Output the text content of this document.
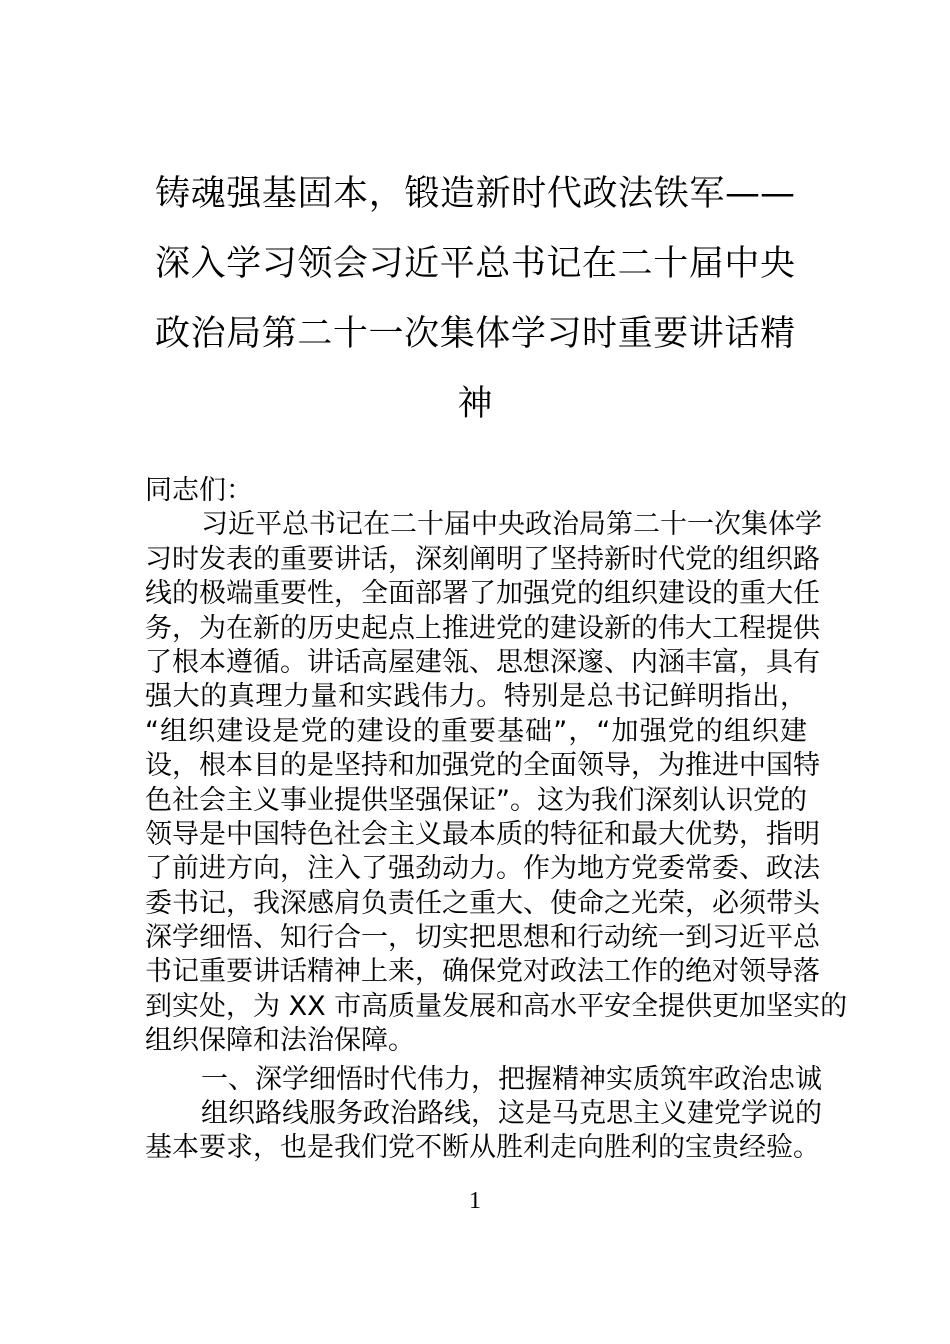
铸魂强基固本，锻造新时代政法铁军——
深入学习领会习近平总书记在二十届中央
政治局第二十一次集体学习时重要讲话精
神
同志们：
习近平总书记在二十届中央政治局第二十一次集体学
习时发表的重要讲话，深刻阐明了坚持新时代党的组织路
线的极端重要性，全面部署了加强党的组织建设的重大任
务，为在新的历史起点上推进党的建设新的伟大工程提供
了根本遵循。讲话高屋建瓴、思想深邃、内涵丰富，具有
强大的真理力量和实践伟力。特别是总书记鲜明指出，
“组织建设是党的建设的重要基础”，“加强党的组织建
设，根本目的是坚持和加强党的全面领导，为推进中国特
色社会主义事业提供坚强保证”。这为我们深刻认识党的
领导是中国特色社会主义最本质的特征和最大优势，指明
了前进方向，注入了强劲动力。作为地方党委常委、政法
委书记，我深感肩负责任之重大、使命之光荣，必须带头
深学细悟、知行合一，切实把思想和行动统一到习近平总
书记重要讲话精神上来，确保党对政法工作的绝对领导落
到实处，为 XX 市高质量发展和高水平安全提供更加坚实的
组织保障和法治保障。
一、深学细悟时代伟力，把握精神实质筑牢政治忠诚
组织路线服务政治路线，这是马克思主义建党学说的
基本要求，也是我们党不断从胜利走向胜利的宝贵经验。
1
